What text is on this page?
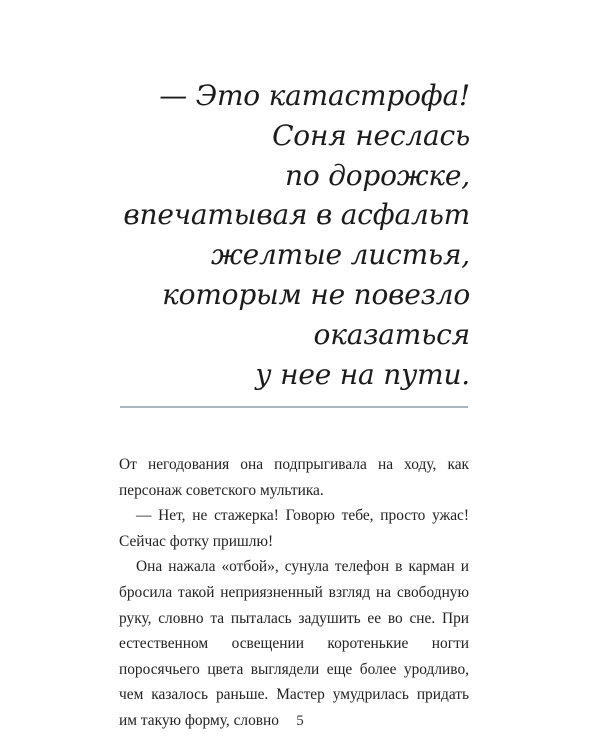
— Это катастрофа!
Соня неслась
по дорожке,
впечатывая в асфальт
желтые листья,
которым не повезло
оказаться
у нее на пути.

От негодования она подпрыгивала на ходу, как персонаж советского мультика.

— Нет, не стажерка! Говорю тебе, просто ужас! Сейчас фотку пришлю!

Она нажала «отбой», сунула телефон в карман и бросила такой неприязненный взгляд на свободную руку, словно та пыталась задушить ее во сне. При естественном освещении коротенькие ногти поросячьего цвета выглядели еще более уродливо, чем казалось раньше. Мастер умудрилась придать им такую форму, словно	5
